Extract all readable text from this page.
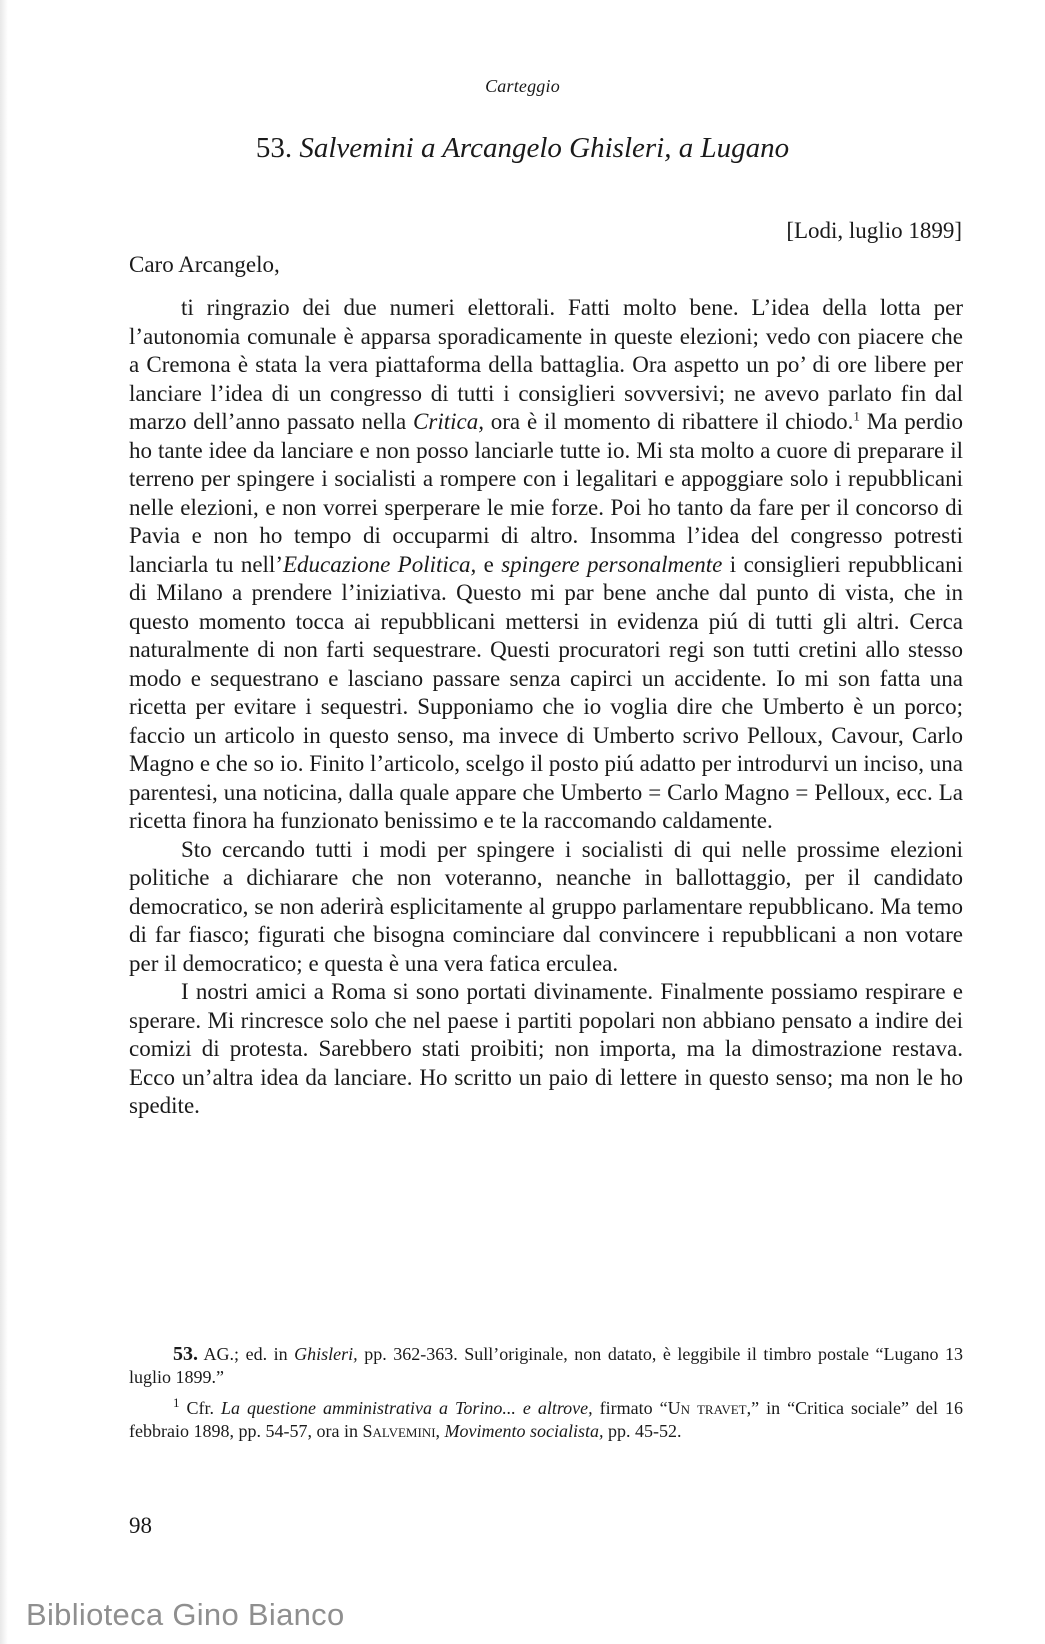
Carteggio
53. Salvemini a Arcangelo Ghisleri, a Lugano
[Lodi, luglio 1899]
Caro Arcangelo,

ti ringrazio dei due numeri elettorali. Fatti molto bene. L’idea della lotta per l’autonomia comunale è apparsa sporadicamente in queste elezioni; vedo con piacere che a Cremona è stata la vera piattaforma della battaglia. Ora aspetto un po’ di ore libere per lanciare l’idea di un congresso di tutti i consiglieri sovversivi; ne avevo parlato fin dal marzo dell’anno passato nella Critica, ora è il momento di ribattere il chiodo.$^1$ Ma perdio ho tante idee da lanciare e non posso lanciarle tutte io. Mi sta molto a cuore di preparare il terreno per spingere i socialisti a rompere con i legalitari e appoggiare solo i repubblicani nelle elezioni, e non vorrei sperperare le mie forze. Poi ho tanto da fare per il concorso di Pavia e non ho tempo di occuparmi di altro. Insomma l’idea del congresso potresti lanciarla tu nell’Educazione Politica, e spingere personalmente i consiglieri repubblicani di Milano a prendere l’iniziativa. Questo mi par bene anche dal punto di vista, che in questo momento tocca ai repubblicani mettersi in evidenza piú di tutti gli altri. Cerca naturalmente di non farti sequestrare. Questi procuratori regi son tutti cretini allo stesso modo e sequestrano e lasciano passare senza capirci un accidente. Io mi son fatta una ricetta per evitare i sequestri. Supponiamo che io voglia dire che Umberto è un porco; faccio un articolo in questo senso, ma invece di Umberto scrivo Pelloux, Cavour, Carlo Magno e che so io. Finito l’articolo, scelgo il posto piú adatto per introdurvi un inciso, una parentesi, una noticina, dalla quale appare che Umberto = Carlo Magno = Pelloux, ecc. La ricetta finora ha funzionato benissimo e te la raccomando caldamente.

Sto cercando tutti i modi per spingere i socialisti di qui nelle prossime elezioni politiche a dichiarare che non voteranno, neanche in ballottaggio, per il candidato democratico, se non aderirà esplicitamente al gruppo parlamentare repubblicano. Ma temo di far fiasco; figurati che bisogna cominciare dal convincere i repubblicani a non votare per il democratico; e questa è una vera fatica erculea.

I nostri amici a Roma si sono portati divinamente. Finalmente possiamo respirare e sperare. Mi rincresce solo che nel paese i partiti popolari non abbiano pensato a indire dei comizi di protesta. Sarebbero stati proibiti; non importa, ma la dimostrazione restava. Ecco un’altra idea da lanciare. Ho scritto un paio di lettere in questo senso; ma non le ho spedite.

53. AG.; ed. in Ghisleri, pp. 362-363. Sull’originale, non datato, è leggibile il timbro postale “Lugano 13 luglio 1899.”

$^1$ Cfr. La questione amministrativa a Torino... e altrove, firmato “Un travet,” in “Critica sociale” del 16 febbraio 1898, pp. 54-57, ora in Salvemini, Movimento socialista, pp. 45-52.

98
Biblioteca Gino Bianco
